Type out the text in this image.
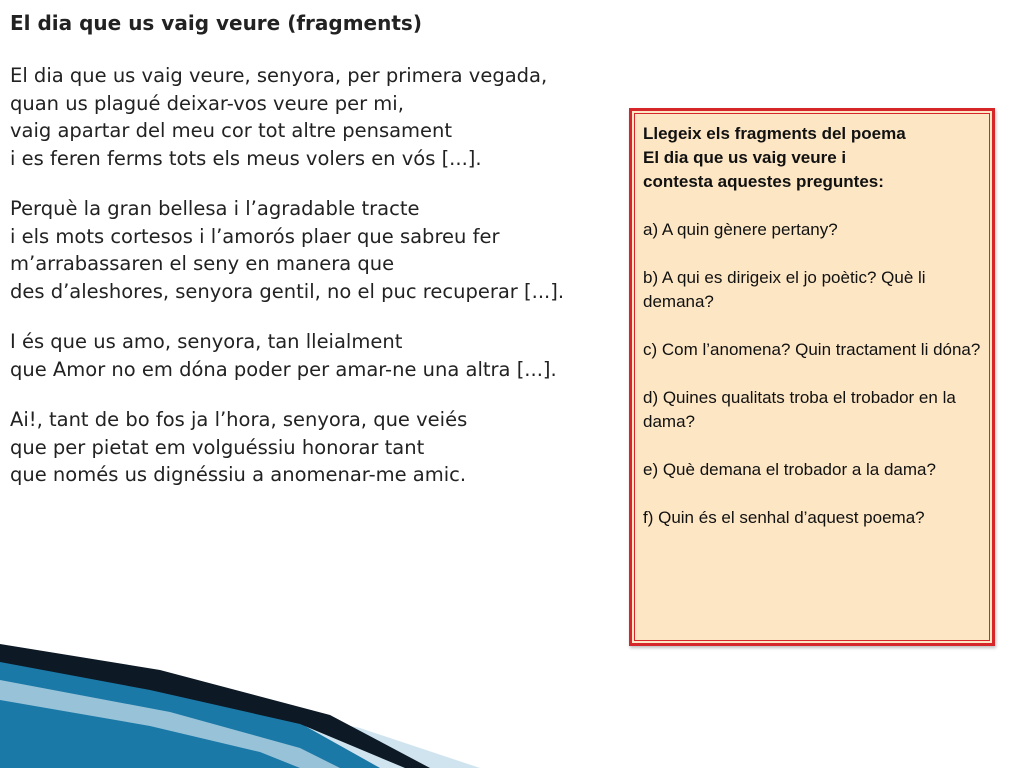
El dia que us vaig veure (fragments)
El dia que us vaig veure, senyora, per primera vegada,
quan us plagué deixar-vos veure per mi,
vaig apartar del meu cor tot altre pensament
i es feren ferms tots els meus volers en vós [...].
Perquè la gran bellesa i l’agradable tracte
i els mots cortesos i l’amorós plaer que sabreu fer
m’arrabassaren el seny en manera que
des d’aleshores, senyora gentil, no el puc recuperar [...].
I és que us amo, senyora, tan lleialment
que Amor no em dóna poder per amar-ne una altra [...].
Ai!, tant de bo fos ja l’hora, senyora, que veiés
que per pietat em volguéssiu honorar tant
que només us dignéssiu a anomenar-me amic.
Llegeix els fragments del poema
El dia que us vaig veure i
contesta aquestes preguntes:
a) A quin gènere pertany?
b) A qui es dirigeix el jo poètic? Què li demana?
c) Com l’anomena? Quin tractament li dóna?
d) Quines qualitats troba el trobador en la dama?
e) Què demana el trobador a la dama?
f) Quin és el senhal d’aquest poema?
